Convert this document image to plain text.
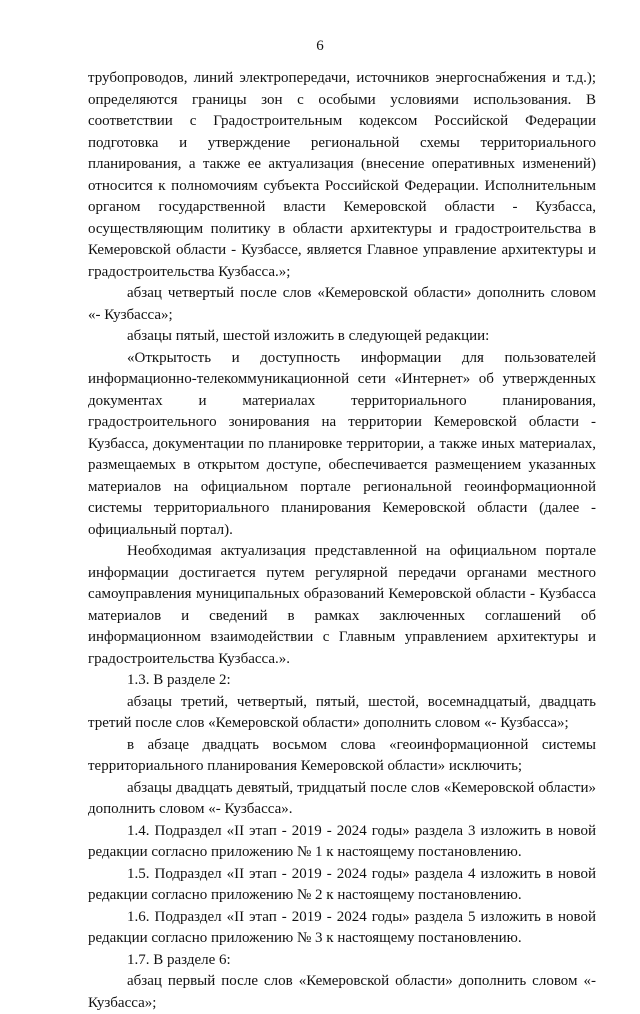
6

трубопроводов, линий электропередачи, источников энергоснабжения и т.д.); определяются границы зон с особыми условиями использования. В соответствии с Градостроительным кодексом Российской Федерации подготовка и утверждение региональной схемы территориального планирования, а также ее актуализация (внесение оперативных изменений) относится к полномочиям субъекта Российской Федерации. Исполнительным органом государственной власти Кемеровской области - Кузбасса, осуществляющим политику в области архитектуры и градостроительства в Кемеровской области - Кузбассе, является Главное управление архитектуры и градостроительства Кузбасса.»;

абзац четвертый после слов «Кемеровской области» дополнить словом «- Кузбасса»;

абзацы пятый, шестой изложить в следующей редакции:

«Открытость и доступность информации для пользователей информационно-телекоммуникационной сети «Интернет» об утвержденных документах и материалах территориального планирования, градостроительного зонирования на территории Кемеровской области - Кузбасса, документации по планировке территории, а также иных материалах, размещаемых в открытом доступе, обеспечивается размещением указанных материалов на официальном портале региональной геоинформационной системы территориального планирования Кемеровской области (далее - официальный портал).

Необходимая актуализация представленной на официальном портале информации достигается путем регулярной передачи органами местного самоуправления муниципальных образований Кемеровской области - Кузбасса материалов и сведений в рамках заключенных соглашений об информационном взаимодействии с Главным управлением архитектуры и градостроительства Кузбасса.».

1.3. В разделе 2:

абзацы третий, четвертый, пятый, шестой, восемнадцатый, двадцать третий после слов «Кемеровской области» дополнить словом «- Кузбасса»;

в абзаце двадцать восьмом слова «геоинформационной системы территориального планирования Кемеровской области» исключить;

абзацы двадцать девятый, тридцатый после слов «Кемеровской области» дополнить словом «- Кузбасса».

1.4. Подраздел «II этап - 2019 - 2024 годы» раздела 3 изложить в новой редакции согласно приложению № 1 к настоящему постановлению.

1.5. Подраздел «II этап - 2019 - 2024 годы» раздела 4 изложить в новой редакции согласно приложению № 2 к настоящему постановлению.

1.6. Подраздел «II этап - 2019 - 2024 годы» раздела 5 изложить в новой редакции согласно приложению № 3 к настоящему постановлению.

1.7. В разделе 6:

абзац первый после слов «Кемеровской области» дополнить словом «- Кузбасса»;
